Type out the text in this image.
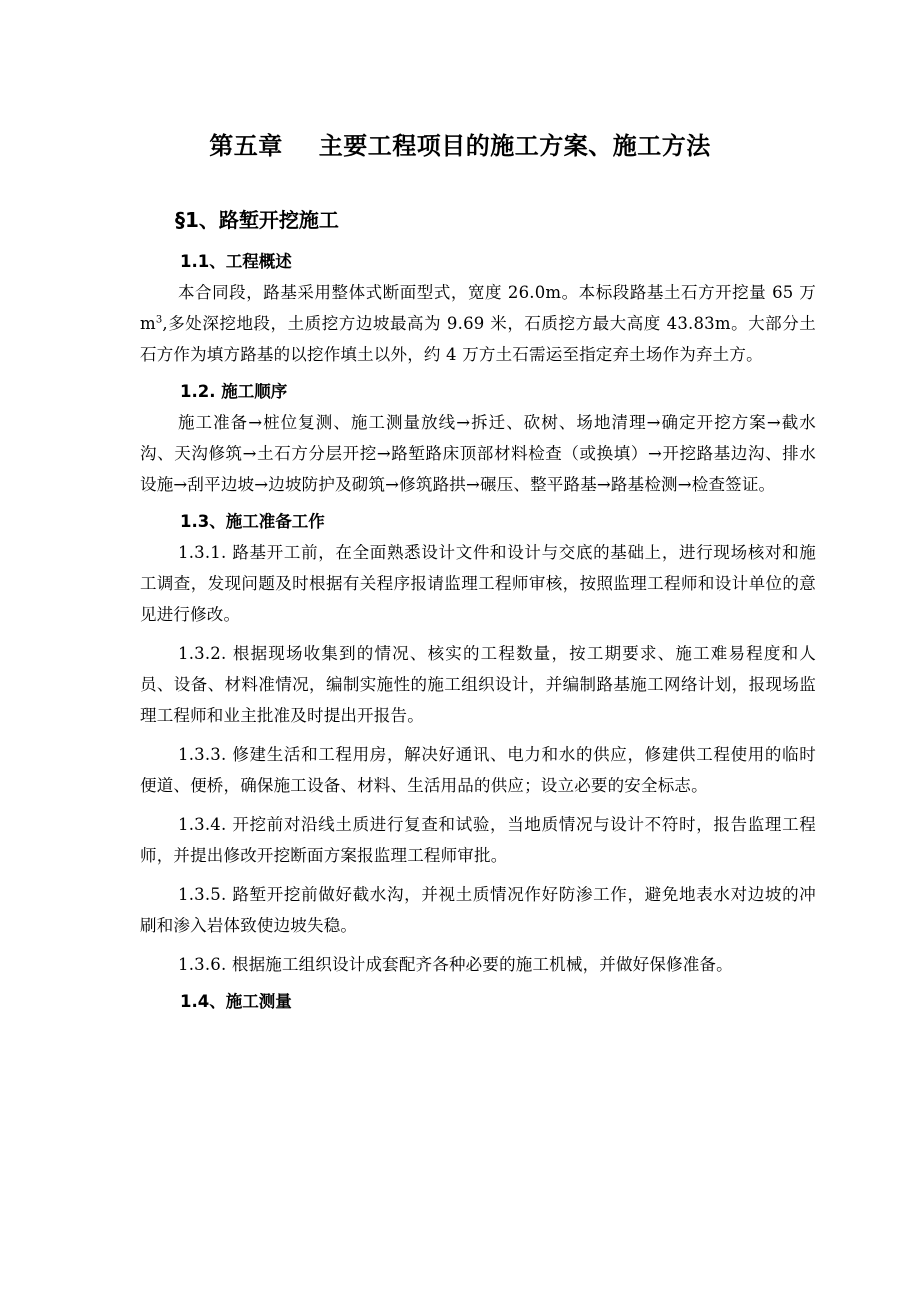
第五章 主要工程项目的施工方案、施工方法
§1、路堑开挖施工

1.1、工程概述

本合同段，路基采用整体式断面型式，宽度 26.0m。本标段路基土石方开挖量 65 万 $m^3$,多处深挖地段，土质挖方边坡最高为 9.69 米，石质挖方最大高度 43.83m。大部分土石方作为填方路基的以挖作填土以外，约 4 万方土石需运至指定弃土场作为弃土方。

1.2. 施工顺序

施工准备→桩位复测、施工测量放线→拆迁、砍树、场地清理→确定开挖方案→截水沟、天沟修筑→土石方分层开挖→路堑路床顶部材料检查（或换填）→开挖路基边沟、排水设施→刮平边坡→边坡防护及砌筑→修筑路拱→碾压、整平路基→路基检测→检查签证。

1.3、施工准备工作

1.3.1. 路基开工前，在全面熟悉设计文件和设计与交底的基础上，进行现场核对和施工调查，发现问题及时根据有关程序报请监理工程师审核，按照监理工程师和设计单位的意见进行修改。

1.3.2. 根据现场收集到的情况、核实的工程数量，按工期要求、施工难易程度和人员、设备、材料准情况，编制实施性的施工组织设计，并编制路基施工网络计划，报现场监理工程师和业主批准及时提出开报告。

1.3.3. 修建生活和工程用房，解决好通讯、电力和水的供应，修建供工程使用的临时便道、便桥，确保施工设备、材料、生活用品的供应；设立必要的安全标志。

1.3.4. 开挖前对沿线土质进行复查和试验，当地质情况与设计不符时，报告监理工程师，并提出修改开挖断面方案报监理工程师审批。

1.3.5. 路堑开挖前做好截水沟，并视土质情况作好防渗工作，避免地表水对边坡的冲刷和渗入岩体致使边坡失稳。

1.3.6. 根据施工组织设计成套配齐各种必要的施工机械，并做好保修准备。

1.4、施工测量
